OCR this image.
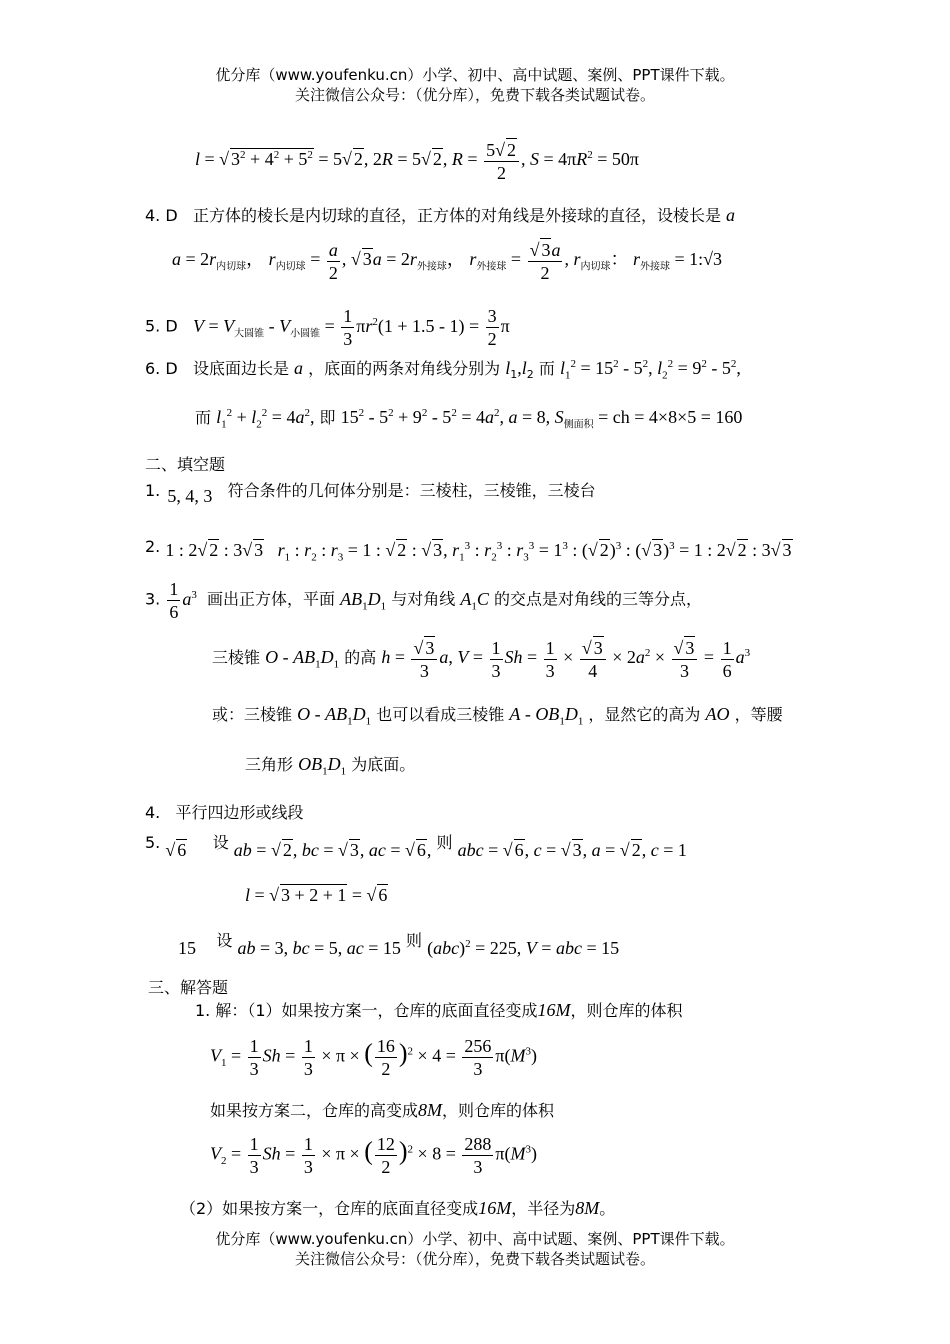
优分库（www.youfenku.cn）小学、初中、高中试题、案例、PPT课件下载。
关注微信公众号：（优分库），免费下载各类试题试卷。
l = √ $3^2 + 4^2 + 5^2 = 5√$ 2, 2R = 5√ 2, $R = \frac{5√ 2}{2}$ , $S = 4\pi R^2 = 50\pi$
4. D 正方体的棱长是内切球的直径，正方体的对角线是外接球的直径，设棱长是 a
$a = 2r_{内切球}$， $r_{内切球} = \frac{a}{2}$ , √ $3a = 2r_{外接球}$， $r_{外接球} = \frac{√ 3a}{2}$ , $r_{内切球}$： $r_{外接球}$ = 1:√3
5. D $V = V_{大圆锥} - V_{小圆锥} = \frac{1}{3} \pi r^2(1 + 1.5 - 1) = \frac{3}{2}$ π
6. D 设底面边长是 a ，底面的两条对角线分别为 $l_1,l_2$ 而 $l_1^2 = 15^2 - 5^2$, $l_2^2 = 9^2 - 5^2$,
而 $l_1^2 + l_2^2 = 4a^2$, 即 $15^2 - 5^2 + 9^2 - 5^2 = 4a^2$, a = 8, $S_{侧面积}$ = ch = 4×8×5 = 160
二、填空题
1. 5, 4, 3 符合条件的几何体分别是：三棱柱，三棱锥，三棱台
2. 1 : 2√ 2 : 3√ 3 $r_1$ : $r_2$ : $r_3 = 1$ : √ 2 : √ 3, $r_1^3$ : $r_2^3$ : $r_3^3 = 1^3$ : (√ 2)$^3$ : (√ 3)$^3$ = 1 : 2√ 2 : 3√ 3
3. $\frac{1}{6} a^3$ 画出正方体，平面 $AB_1D_1$ 与对角线 $A_1C$ 的交点是对角线的三等分点，
三棱锥 O - $AB_1D_1$ 的高 $h = \frac{√ 3}{3} a$, $V = \frac{1}{3}$ $Sh = \frac{1}{3} \times \frac{√ 3}{4} \times 2a^2 \times \frac{√ 3}{3} = \frac{1}{6} a^3$
或：三棱锥 O - $AB_1D_1$ 也可以看成三棱锥 A - $OB_1D_1$ ，显然它的高为 AO ，等腰
三角形 $OB_1D_1$ 为底面。
4. 平行四边形或线段
5. √ 6 设 ab = √ 2, bc = √ 3, ac = √ 6, 则 abc = √ 6, c = √ 3, a = √ 2, c = 1
l = √ 3 + 2 + 1 = √ 6
15 设 ab = 3, bc = 5, ac = 15 则 (abc)$^2$ = 225, V = abc = 15
三、解答题
1. 解：（1）如果按方案一，仓库的底面直径变成16M，则仓库的体积
$V_1 = \frac{1}{3}$ $Sh = \frac{1}{3} \times \pi$ × ( $\frac{16}{2} )^2 \times 4 = \frac{256}{3} \pi(M^3)$
如果按方案二，仓库的高变成8M，则仓库的体积
$V_2 = \frac{1}{3}$ $Sh = \frac{1}{3} \times \pi$ × ( $\frac{12}{2} )^2 \times 8 = \frac{288}{3} \pi(M^3)$
（2）如果按方案一，仓库的底面直径变成16M，半径为8M。
优分库（www.youfenku.cn）小学、初中、高中试题、案例、PPT课件下载。
关注微信公众号：（优分库），免费下载各类试题试卷。
